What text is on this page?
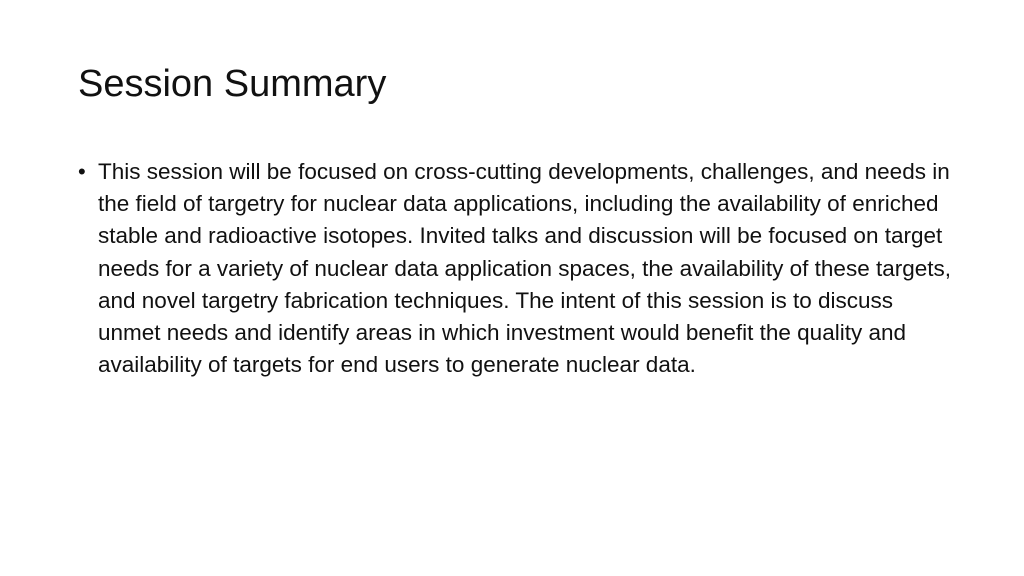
Session Summary
• This session will be focused on cross-cutting developments, challenges, and needs in the field of targetry for nuclear data applications, including the availability of enriched stable and radioactive isotopes. Invited talks and discussion will be focused on target needs for a variety of nuclear data application spaces, the availability of these targets, and novel targetry fabrication techniques. The intent of this session is to discuss unmet needs and identify areas in which investment would benefit the quality and availability of targets for end users to generate nuclear data.
